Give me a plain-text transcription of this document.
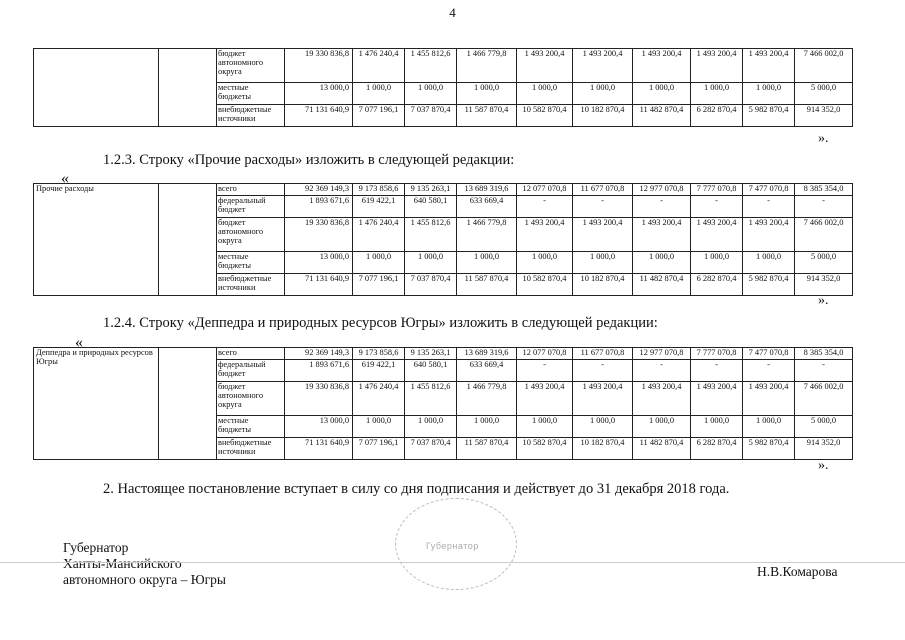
4
		бюджет автономного округа	19 330 836,8	1 476 240,4	1 455 812,6	1 466 779,8	1 493 200,4	1 493 200,4	1 493 200,4	1 493 200,4	1 493 200,4	7 466 002,0
		местные бюджеты	13 000,0	1 000,0	1 000,0	1 000,0	1 000,0	1 000,0	1 000,0	1 000,0	1 000,0	5 000,0
		внебюджетные источники	71 131 640,9	7 077 196,1	7 037 870,4	11 587 870,4	10 582 870,4	10 182 870,4	11 482 870,4	6 282 870,4	5 982 870,4	914 352,0
».
1.2.3. Строку «Прочие расходы» изложить в следующей редакции:
«
Прочие расходы		всего	92 369 149,3	9 173 858,6	9 135 263,1	13 689 319,6	12 077 070,8	11 677 070,8	12 977 070,8	7 777 070,8	7 477 070,8	8 385 354,0
		федеральный бюджет	1 893 671,6	619 422,1	640 580,1	633 669,4	-	-	-	-	-	-
		бюджет автономного округа	19 330 836,8	1 476 240,4	1 455 812,6	1 466 779,8	1 493 200,4	1 493 200,4	1 493 200,4	1 493 200,4	1 493 200,4	7 466 002,0
		местные бюджеты	13 000,0	1 000,0	1 000,0	1 000,0	1 000,0	1 000,0	1 000,0	1 000,0	1 000,0	5 000,0
		внебюджетные источники	71 131 640,9	7 077 196,1	7 037 870,4	11 587 870,4	10 582 870,4	10 182 870,4	11 482 870,4	6 282 870,4	5 982 870,4	914 352,0
».
1.2.4. Строку «Деппедра и природных ресурсов Югры» изложить в следующей редакции:
«
Деппедра и природных ресурсов Югры		всего	92 369 149,3	9 173 858,6	9 135 263,1	13 689 319,6	12 077 070,8	11 677 070,8	12 977 070,8	7 777 070,8	7 477 070,8	8 385 354,0
		федеральный бюджет	1 893 671,6	619 422,1	640 580,1	633 669,4	-	-	-	-	-	-
		бюджет автономного округа	19 330 836,8	1 476 240,4	1 455 812,6	1 466 779,8	1 493 200,4	1 493 200,4	1 493 200,4	1 493 200,4	1 493 200,4	7 466 002,0
		местные бюджеты	13 000,0	1 000,0	1 000,0	1 000,0	1 000,0	1 000,0	1 000,0	1 000,0	1 000,0	5 000,0
		внебюджетные источники	71 131 640,9	7 077 196,1	7 037 870,4	11 587 870,4	10 582 870,4	10 182 870,4	11 482 870,4	6 282 870,4	5 982 870,4	914 352,0
».
2. Настоящее постановление вступает в силу со дня подписания и действует до 31 декабря 2018 года.
Губернатор
Губернатор
Ханты-Мансийского
автономного округа – Югры
Н.В.Комарова
